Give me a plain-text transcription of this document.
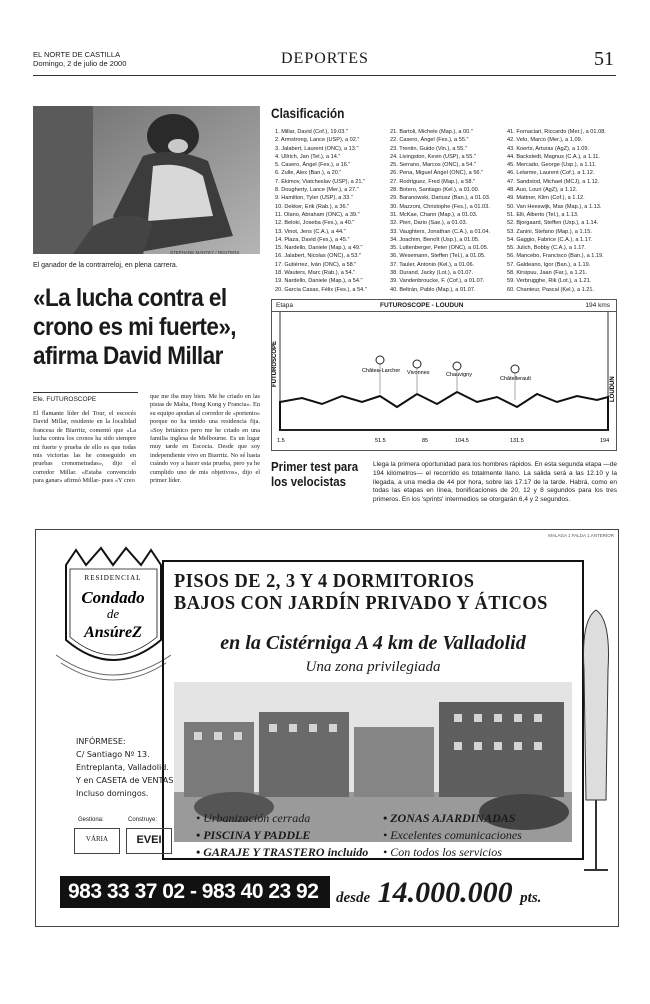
EL NORTE DE CASTILLA
Domingo, 2 de julio de 2000	DEPORTES	51
STEPHANE MANTEY / REUTERS
El ganador de la contrarreloj, en plena carrera.
«La lucha contra el
crono es mi fuerte»,
afirma David Millar
Efe. FUTUROSCOPE
El flamante líder del Tour, el escocés David Millar, residente en la localidad francesa de Biarritz, comentó que «La lucha contra los cronos ha sido siempre mi fuerte y prueba de ello es que todas mis victorias las he conseguido en pruebas cronometradas», dijo el corredor Millar. «Estaba convencido para ganar» afirmó Millar- pues «Y creo
que me iba muy bien. Me he criado en las pistas de Malta, Hong Kong y Francia». En su equipo apodan al corredor de «portento» porque no ha tenido una residencia fija. «Soy británico pero me he criado en una familia inglesa de Melbourne. Es un lugar muy tarde en Escocia. Desde que soy independiente vivo en Biarritz. No sé hasta cuándo voy a hacer esta prueba, pero ya he cumplido uno de mis objetivos», dijo el primer líder.
Clasificación
1. Millar, David (Cof.), 19.03."
2. Armstrong, Lance (USP), a 02."
3. Jalabert, Laurent (ONC), a 13."
4. Ullrich, Jan (Tel.), a 14."
5. Casero, Ángel (Fes.), a 16."
6. Zulle, Alex (Ban.), a 20."
7. Ekimov, Viatcheslav (USP), a 21."
8. Dougherty, Lance (Mer.), a 27."
9. Hamilton, Tyler (USP), a 33."
10. Dekker, Erik (Rab.), a 36."
11. Olano, Abraham (ONC), a 39."
12. Beloki, Joseba (Fes.), a 40."
13. Vinot, Jens (C.A.), a 44."
14. Plaza, David (Fes.), a 45."
15. Nardello, Daniele (Map.), a 49."
16. Jalabert, Nicolas (ONC), a 53."
17. Gutiérrez, Iván (ONC), a 58."
18. Wauters, Marc (Rab.), a 54."
19. Nardello, Daniele (Map.), a 54."
20. Garcia Casas, Félix (Fes.), a 54."
21. Bartoli, Michele (Map.), a 00."
22. Casero, Ángel (Fes.), a 55."
23. Trentin, Guido (Vin.), a 55."
24. Livingston, Kevin (USP), a 55."
25. Serrano, Marcos (ONC), a 54."
26. Pena, Miguel Ángel (ONC), a 56."
27. Rodríguez, Fred (Map.), a 58."
28. Botero, Santiago (Kel.), a 01.00.
29. Baranowski, Dariusz (Ban.), a 01.03.
30. Mazzoni, Christophe (Fes.), a 01.03.
31. McKae, Chann (Map.), a 01.03.
32. Pieri, Dario (Sae.), a 01.03.
33. Vaughters, Jonathan (C.A.), a 01.04.
34. Joachim, Benoît (Usp.), a 01.05.
35. Luttenberger, Peter (ONC), a 01.05.
36. Wesemann, Steffen (Tel.), a 01.05.
37. Tauler, Antonio (Kel.), a 01.06.
38. Durand, Jacky (Lot.), a 01.07.
39. Vandenbroucke, F. (Cof.), a 01.07.
40. Beltrán, Pablo (Map.), a 01.07.
41. Fornaciari, Riccardo (Mer.), a 01.08.
42. Velo, Marco (Mer.), a 1.09.
43. Koerts, Arturas (AgZ), a 1.09.
44. Backstedt, Magnus (C.A.), a 1.11.
45. Mercado, George (Usp.), a 1.11.
46. Lelarme, Laurent (Cof.), a 1.12.
47. Sandstod, Michael (MCJ), a 1.12.
48. Auo, Louri (AgZ), a 1.12.
49. Mattner, Klim (Cof.), a 1.12.
50. Van Heeswijk, Max (Map.), a 1.13.
51. Elli, Alberto (Tel.), a 1.13.
52. Bjorgaard, Steffen (Usp.), a 1.14.
53. Zanini, Stefano (Map.), a 1.15.
54. Gaggio, Fabrice (C.A.), a 1.17.
55. Julich, Bobby (C.A.), a 1.17.
56. Mancebo, Francisco (Ban.), a 1.19.
57. Galdeano, Igor (Ban.), a 1.19.
58. Kirsipuu, Jaan (Far.), a 1.21.
59. Verbrugghe, Rik (Lot.), a 1.21.
60. Chanteur, Pascal (Kel.), a 1.21.
Etapa	FUTUROSCOPE - LOUDUN	194 kms
FUTUROSCOPE
LOUDUN
Châtea-Larcher Vivonnes	Chauvigny
Châtellerault
1.5	51.5	85	104.5	131.5	194
Primer test para
los velocistas
Llega la primera oportunidad para los hombres rápidos. En esta segunda etapa —de 194 kilómetros— el recorrido es totalmente llano. La salida será a las 12.10 y la llegada, a una media de 44 por hora, sobre las 17.17 de la tarde. Habrá, como en todas las etapas en línea, bonificaciones de 20, 12 y 8 segundos para los tres primeros. En los 'sprints' intermedios se otorgarán 6,4 y 2 segundos.
MALAGA 1 FALDA 1.ANTERIOR
RESIDENCIAL
Condado
de
AnsúreZ
PISOS DE 2, 3 Y 4 DORMITORIOS
BAJOS CON JARDÍN PRIVADO Y ÁTICOS
en la Cistérniga A 4 km de Valladolid
Una zona privilegiada
INFÓRMESE:
C/ Santiago Nº 13.
Entreplanta, Valladolid.
Y en CASETA de VENTAS
Incluso domingos.
Gestiona:	Construye:
VÁRIA	EVEI
• Urbanización cerrada
• PISCINA Y PADDLE
• GARAJE Y TRASTERO incluido
• ZONAS AJARDINADAS
• Excelentes comunicaciones
• Con todos los servicios
983 33 37 02 - 983 40 23 92	desde 14.000.000 pts.
